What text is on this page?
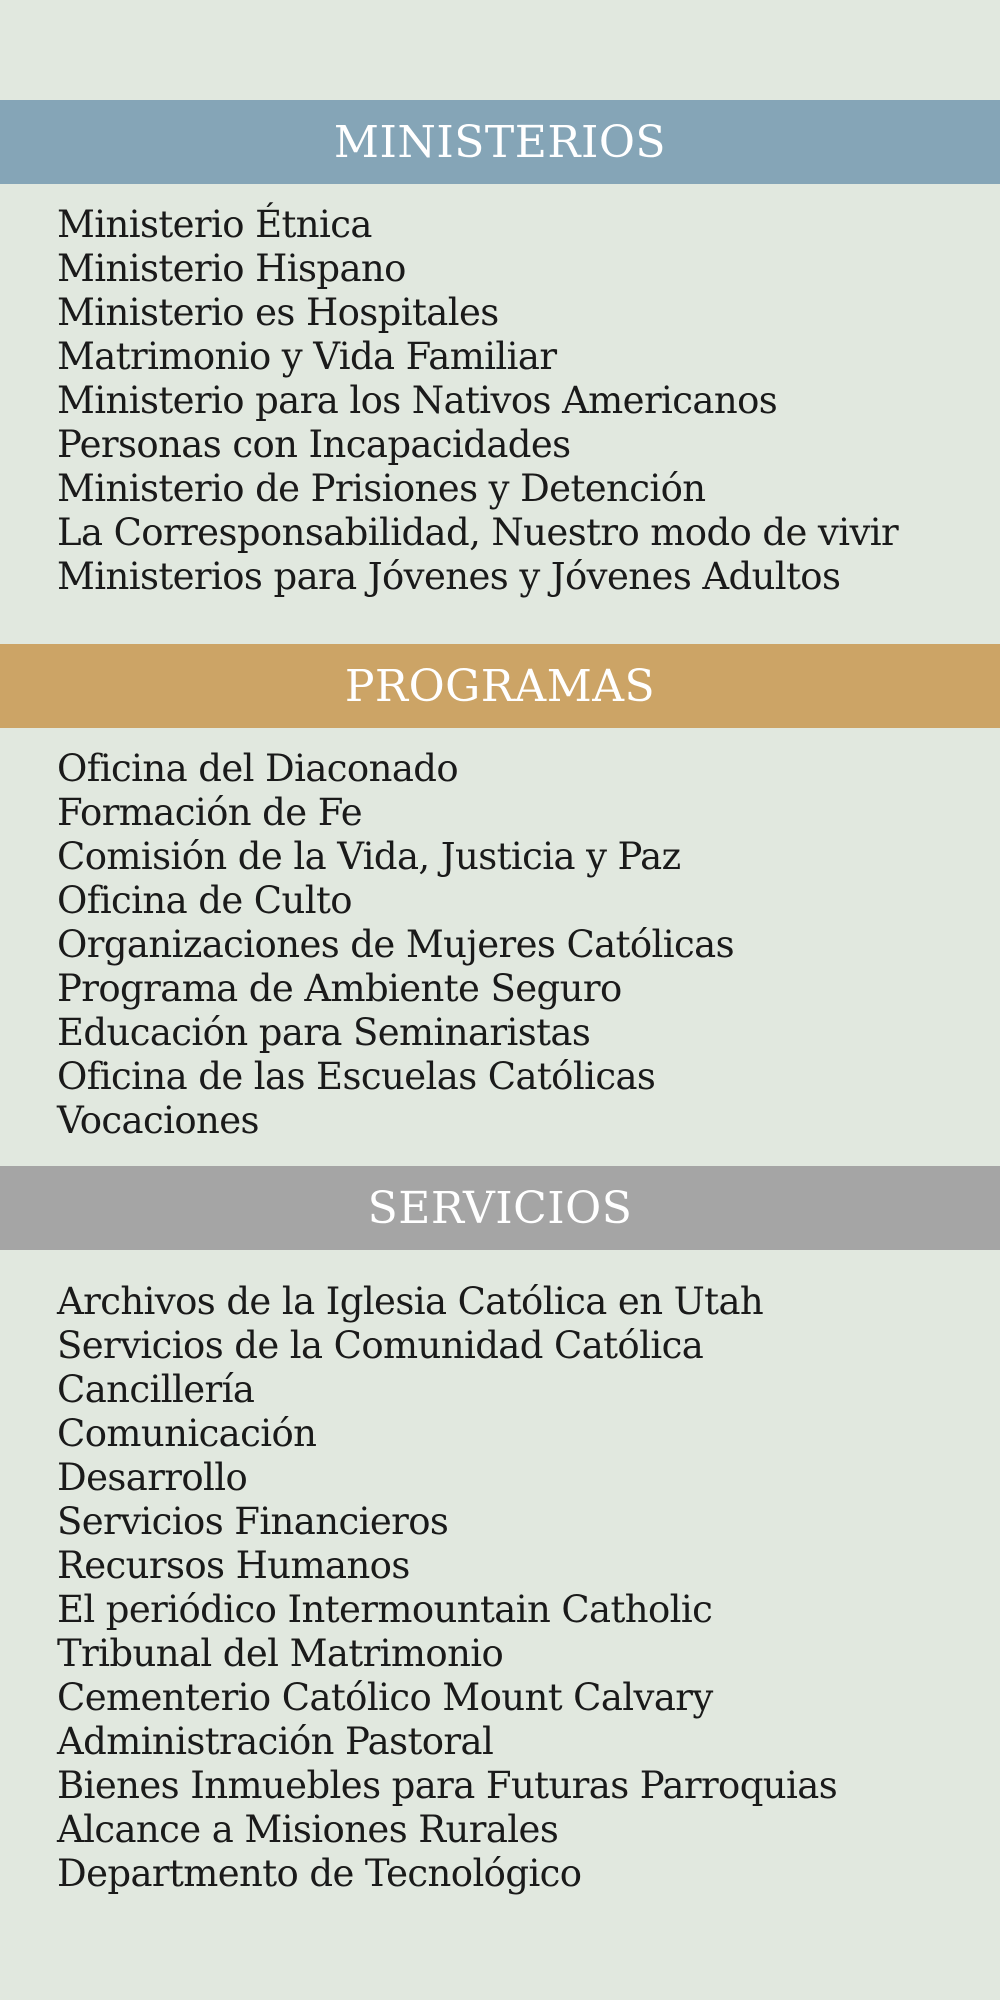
MINISTERIOS
Ministerio Étnica
Ministerio Hispano
Ministerio es Hospitales
Matrimonio y Vida Familiar
Ministerio para los Nativos Americanos
Personas con Incapacidades
Ministerio de Prisiones y Detención
La Corresponsabilidad, Nuestro modo de vivir
Ministerios para Jóvenes y Jóvenes Adultos
PROGRAMAS
Oficina del Diaconado
Formación de Fe
Comisión de la Vida, Justicia y Paz
Oficina de Culto
Organizaciones de Mujeres Católicas
Programa de Ambiente Seguro
Educación para Seminaristas
Oficina de las Escuelas Católicas
Vocaciones
SERVICIOS
Archivos de la Iglesia Católica en Utah
Servicios de la Comunidad Católica
Cancillería
Comunicación
Desarrollo
Servicios Financieros
Recursos Humanos
El periódico Intermountain Catholic
Tribunal del Matrimonio
Cementerio Católico Mount Calvary
Administración Pastoral
Bienes Inmuebles para Futuras Parroquias
Alcance a Misiones Rurales
Departmento de Tecnológico
